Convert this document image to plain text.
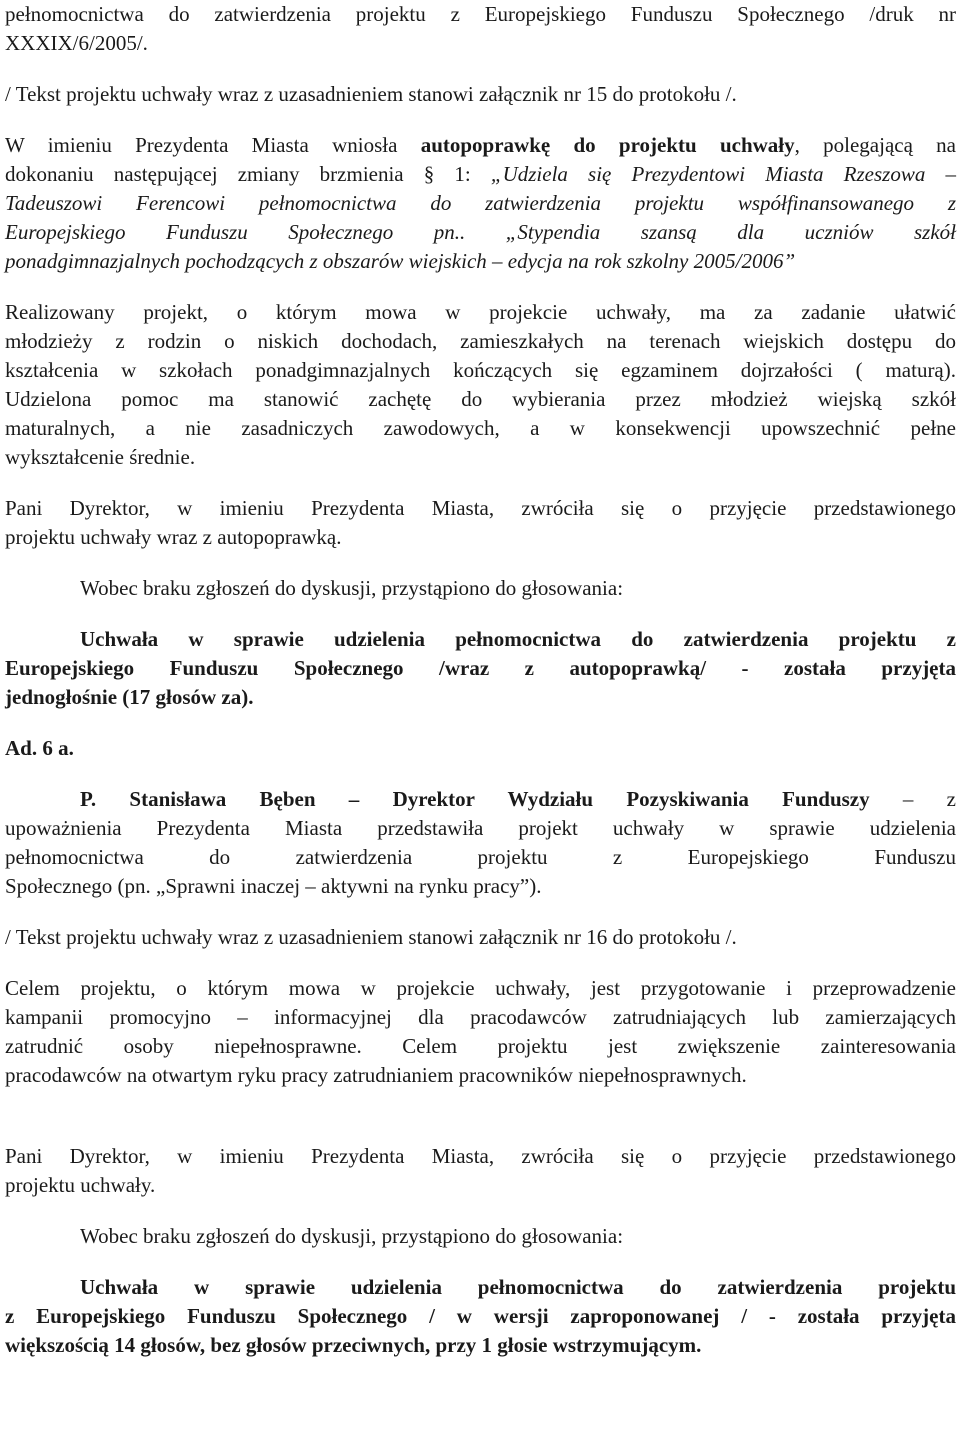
pełnomocnictwa do zatwierdzenia projektu z Europejskiego Funduszu Społecznego /druk nr
XXXIX/6/2005/.
/ Tekst projektu uchwały wraz z uzasadnieniem stanowi załącznik nr 15 do protokołu /.
W imieniu Prezydenta Miasta wniosła autopoprawkę do projektu uchwały, polegającą na
dokonaniu następującej zmiany brzmienia § 1: „Udziela się Prezydentowi Miasta Rzeszowa –
Tadeuszowi Ferencowi pełnomocnictwa do zatwierdzenia projektu współfinansowanego z
Europejskiego Funduszu Społecznego pn.. „Stypendia szansą dla uczniów szkół
ponadgimnazjalnych pochodzących z obszarów wiejskich – edycja na rok szkolny 2005/2006”
Realizowany projekt, o którym mowa w projekcie uchwały, ma za zadanie ułatwić
młodzieży z rodzin o niskich dochodach, zamieszkałych na terenach wiejskich dostępu do
kształcenia w szkołach ponadgimnazjalnych kończących się egzaminem dojrzałości ( maturą).
Udzielona pomoc ma stanowić zachętę do wybierania przez młodzież wiejską szkół
maturalnych, a nie zasadniczych zawodowych, a w konsekwencji upowszechnić pełne
wykształcenie średnie.
Pani Dyrektor, w imieniu Prezydenta Miasta, zwróciła się o przyjęcie przedstawionego
projektu uchwały wraz z autopoprawką.
Wobec braku zgłoszeń do dyskusji, przystąpiono do głosowania:
Uchwała w sprawie udzielenia pełnomocnictwa do zatwierdzenia projektu z
Europejskiego Funduszu Społecznego /wraz z autopoprawką/ - została przyjęta
jednogłośnie (17 głosów za).
Ad. 6 a.
P. Stanisława Bęben – Dyrektor Wydziału Pozyskiwania Funduszy – z
upoważnienia Prezydenta Miasta przedstawiła projekt uchwały w sprawie udzielenia
pełnomocnictwa do zatwierdzenia projektu z Europejskiego Funduszu
Społecznego (pn. „Sprawni inaczej – aktywni na rynku pracy”).
/ Tekst projektu uchwały wraz z uzasadnieniem stanowi załącznik nr 16 do protokołu /.
Celem projektu, o którym mowa w projekcie uchwały, jest przygotowanie i przeprowadzenie
kampanii promocyjno – informacyjnej dla pracodawców zatrudniających lub zamierzających
zatrudnić osoby niepełnosprawne. Celem projektu jest zwiększenie zainteresowania
pracodawców na otwartym ryku pracy zatrudnianiem pracowników niepełnosprawnych.
Pani Dyrektor, w imieniu Prezydenta Miasta, zwróciła się o przyjęcie przedstawionego
projektu uchwały.
Wobec braku zgłoszeń do dyskusji, przystąpiono do głosowania:
Uchwała w sprawie udzielenia pełnomocnictwa do zatwierdzenia projektu
z Europejskiego Funduszu Społecznego / w wersji zaproponowanej / - została przyjęta
większością 14 głosów, bez głosów przeciwnych, przy 1 głosie wstrzymującym.
